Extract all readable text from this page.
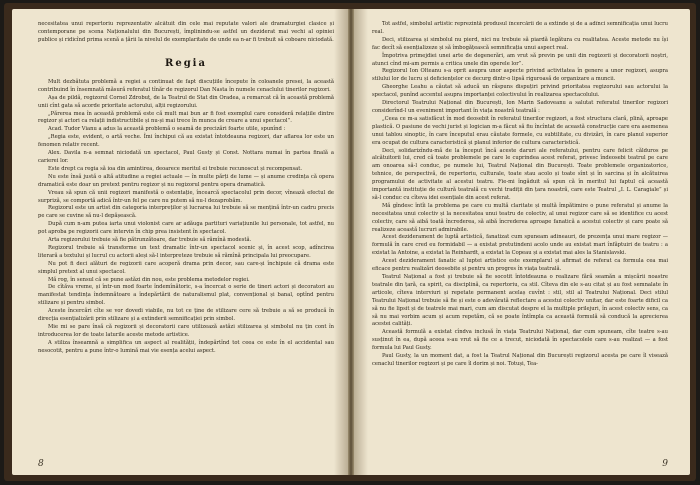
necesitatea unui repertoriu reprezentativ alcătuit din cele mai reputate valori ale dramaturgiei clasice și contemporane pe scena Naționalului din București, împlinindu-se astfel un deziderat mai vechi al opiniei publice și ridicînd prima scenă a țării la nivelul de exemplaritate de unde ea n-ar fi trebuit să coboare niciodată.

Regia

Mult dezbătuta problemă a regiei a continuat de fapt discuțiile începute în coloanele presei, la această contribuind în însemnată măsură referatul tînăr de regizorul Dan Nasta în numele cenaclului tinerilor regizori.

Așa de pildă, regizorul Cornel Zdrobuț, de la Teatrul de Stat din Oradea, a remarcat că în această problemă unii cînt gata să acorde prioritate actorului, alții regizorului.

„Părerea mea în această problemă este că mult mai bun ar fi fost exemplul care consideră relațiile dintre regizor și actori ca relații indistructibile și nu-și mai trece în munca de creare a unui spectacol”.

Acad. Tudor Vianu a adus la această problemă o seamă de precizări foarte utile, spunînd :

„Regia este, evident, o artă veche. Îmi închipui că au existat întotdeauna regizori, dar aflarea lor este un fenomen relativ recent.

Alex. Davila n-a semnat niciodată un spectacol, Paul Gusty și Const. Nottara numai în partea finală a carierei lor.

Este drept ca regia să ioa din amintirea, deoarece meritul ei trebuie recunoscut și recompensat.

Nu este însă justă o altă atitudine a regiei actuale — în multe părți de lume — și anume credința că opera dramatică este doar un pretext pentru regizor și nu regizorul pentru opera dramatică.

Vreau să spun că unii regizori manifestă o ostentație, încearcă spectacolul prin decor, vînează efectul de surpriză, se comportă adică într-un fel pe care nu putem să nu-l dezaprobăm.

Regizorul este un artist din categoria interpreților și lucrarea lui trebuie să se mențină într-un cadru precis pe care se cuvine să nu-l depășească.

După cum n-am putea iarta unui violonist care ar adăuga partituri variațiunile lui personale, tot astfel, nu pot aproba pe regizorii care intervin în chip prea insistent în spectacol.

Arta regizorului trebuie să fie pătrunzătoare, dar trebuie să rămînă modestă.

Regizorul trebuie să transforme un text dramatic într-un spectacol scenic și, în acest scop, adîncirea literară a textului și lucrul cu actorii aleși să-l interpreteze trebuie să rămînă principala lui preocupare.

Nu pot fi deci alături de regizorii care acoperă drama prin decor, sau care-și închipuie că drama este simplul pretext al unui spectacol.

Mă rog, în sensul că se pune astăzi din nou, este problema metodelor regiei.

De cîtăva vreme, și într-un mod foarte îndemînătoric, s-a încercat o serie de tineri actori și decoratori au manifestat tendința îndemnătoare a îndepărtării de naturalismul plat, convențional și banal, optînd pentru stilizare și pentru simbol.

Aceste încercări cîte se vor dovedi viabile, nu tot ce ține de stilizare cere să trebuie a să se producă în direcția esențializării prin stilizare și a extinderii semnificației prin simbol.

Mie mi se pare însă că regizorii și decoratorii care utilizează astăzi stilizarea și simbolul nu țin cont în introducerea lor de toate laturile aceste metode artistice.

A stiliza înseamnă a simplifica un aspect al realității, îndepărtînd tot ceea ce este în el accidental sau nesocotit, pentru a pune într-o lumină mai vie esența acelui aspect.

8

Tot astfel, simbolul artistic reprezintă produsul încercării de a extinde și de a adînci semnificația unui lucru real.

Deci, stilizarea și simbolul nu pierd, nici nu trebuie să piardă legătura cu realitatea. Aceste metode nu își fac decît să esențializeze și să îmbogățească semnificația unui aspect real.

Împotriva primejdiei unei arte de degenerări, am vrut să previn pe unii din regizorii și decoratorii noștri, atunci cînd mi-am permis a critica unele din operele lor”.

Regizorul Ion Olteanu s-a oprit asupra unor aspecte privind activitatea în genere a unor regizori, asupra stilului lor de lucru și deficiențelor ce decurg dintr-o lipsă riguroasă de organizare a muncii.

Gheorghe Leahu a căutat să aducă un răspuns dispuțiri privind prioritatea regizorului sau actorului la spectacol, punînd accentul asupra importanței colectivului în realizarea spectacolului.

Directorul Teatrului Național din București, Ion Marin Sadoveanu a salutat referatul tinerilor regizori considerînd-l un eveniment important în viața noastră teatrală :

„Ceea ce m-a satisfăcut în mod deosebit în referatul tinerilor regizori, a fost structura clară, plină, aproape plastică. O pasiune de vechi jurist și logician m-a făcut să fiu încîntat de această construcție care era asemenea unui tablou sinoptic, în care începutul erau căutate formele, cu subtilitate, cu divizări, în care planul superior era ocupat de cultura caracteristică și planul inferior de cultura caracteristică.

Deci, solidarizîndu-mă de la început încă aceste daruri ale referatului, pentru care felicit călduros pe alcătuitorii lui, cred că toate problemele pe care le cuprindea acest referat, privesc îndeosebi teatrul pe care am onoarea să-l conduc, pe numele lui, Teatrul Național din București. Toate problemele organizatorice, tehnice, de perspectivă, de repertoriu, culturale, toate stau acolo și toate sînt și în sarcina și în alcătuirea programului de activitate al acestui teatru. Fie-mi îngăduit să spun că în meritul lui faptul că această importantă instituție de cultură teatrală cu vechi tradiții din țara noastră, care este Teatrul „I. L. Caragiale” și să-l conduc cu cîteva idei esențiale din acest referat.

Mă gîndesc întîi la problema pe care cu multă claritate și multă împătimire o pune referatul și anume la necesitatea unui colectiv și la necesitatea unui teatru de colectiv, al unui regizor care să se identifice cu acest colectiv, care să aibă toată încrederea, să aibă încrederea aproape fanatică a acestui colectiv și care poate să realizeze această lucruri admirabile.

Acest deziderament de luptă artistică, fanatizat cum spuneam adineauri, de prezența unui mare regizor — formulă în care cred eu formidabil — a existat pretutindeni acolo unde au existat mari înfăptuiri de teatru : a existat la Antoine, a existat la Reinhardt, a existat la Copeau și a existat mai ales la Stanislavski.

Acest deziderament fanatic al luptei artistice este exemplarul și afirmat de referat ca formula cea mai eficace pentru realizări deosebite și pentru un progres în viața teatrală.

Teatrul Național a fost și trebuie să fie socotit întotdeauna o realizare fără seamăn a mișcării noastre teatrale din țară, ca spirit, ca disciplină, ca repertoriu, ca stil. Cîteva din ele s-au citat și au fost semnalate în articole, cîteva interviuri și repetate permanent acelaș cuvînt : stil, stil al Teatrului Național. Deci stilul Teatrului Național trebuie să fie și este o adevărată reflectare a acestui colectiv unitar, dar este foarte dificil ca să nu fie lipsit și de teatrele mai mari, cum am discutat despre el la multiple prilejuri, în acest colectiv sens, ca să nu mai vorbim acum și acum repetăm, că se poate întîmpla ca această formulă să conducă la aprecierea acestei calități.

Această formulă a existat cîndva inclusă în viața Teatrului Național, dar cum spuneam, cîte teatre s-au susținut în ea, după aceea s-au vrut să fie ce a trecut, niciodată în spectacolele care s-au realizat — a fost formula lui Paul Gusty.

Paul Gusty, la un moment dat, a fost la Teatrul Național din București regizorul acesta pe care îl visează cenaclul tinerilor regizori și pe care îl dorim și noi. Totuși, Tea-

9
